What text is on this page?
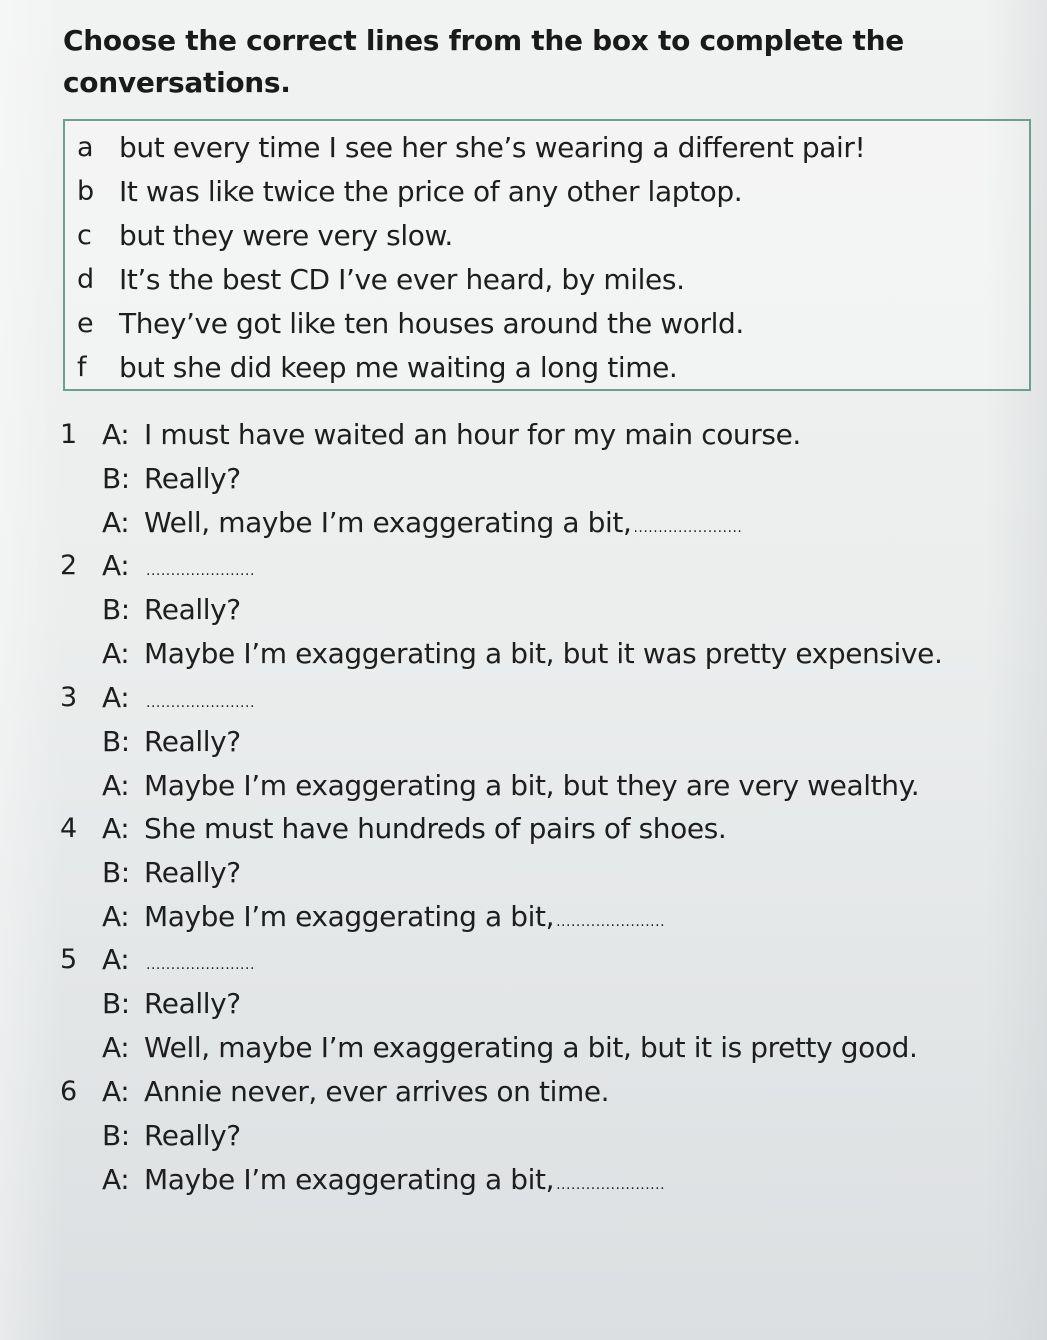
Choose the correct lines from the box to complete the conversations.
a but every time I see her she’s wearing a different pair!
b It was like twice the price of any other laptop.
c but they were very slow.
d It’s the best CD I’ve ever heard, by miles.
e They’ve got like ten houses around the world.
f	but she did keep me waiting a long time.
1 A: I must have waited an hour for my main course.
B: Really?
A: Well, maybe I’m exaggerating a bit, ......................
2 A:	......................
B: Really?
A: Maybe I’m exaggerating a bit, but it was pretty expensive.
3 A:	......................
B: Really?
A: Maybe I’m exaggerating a bit, but they are very wealthy.
4 A: She must have hundreds of pairs of shoes.
B: Really?
A: Maybe I’m exaggerating a bit, ......................
5 A:	......................
B: Really?
A: Well, maybe I’m exaggerating a bit, but it is pretty good.
6 A: Annie never, ever arrives on time.
B: Really?
A: Maybe I’m exaggerating a bit, ......................
